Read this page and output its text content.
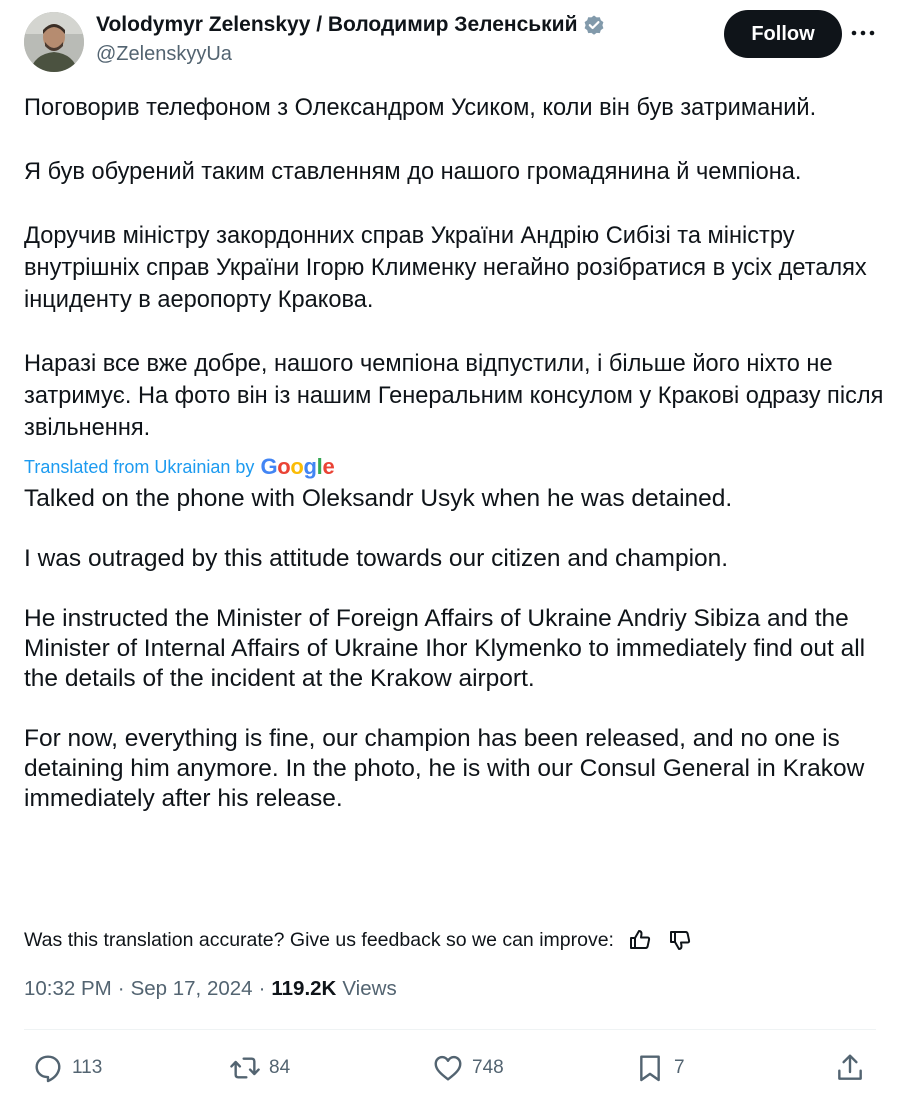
Volodymyr Zelenskyy / Володимир Зеленський
@ZelenskyyUa
Follow

Поговорив телефоном з Олександром Усиком, коли він був затриманий.

Я був обурений таким ставленням до нашого громадянина й чемпіона.

Доручив міністру закордонних справ України Андрію Сибізі та міністру внутрішніх справ України Ігорю Клименку негайно розібратися в усіх деталях інциденту в аеропорту Кракова.

Наразі все вже добре, нашого чемпіона відпустили, і більше його ніхто не затримує. На фото він із нашим Генеральним консулом у Кракові одразу після звільнення.

Translated from Ukrainian by Google

Talked on the phone with Oleksandr Usyk when he was detained.

I was outraged by this attitude towards our citizen and champion.

He instructed the Minister of Foreign Affairs of Ukraine Andriy Sibiza and the Minister of Internal Affairs of Ukraine Ihor Klymenko to immediately find out all the details of the incident at the Krakow airport.

For now, everything is fine, our champion has been released, and no one is detaining him anymore. In the photo, he is with our Consul General in Krakow immediately after his release.

Was this translation accurate? Give us feedback so we can improve:
10:32 PM · Sep 17, 2024 · 119.2K Views
113	84	748	7
